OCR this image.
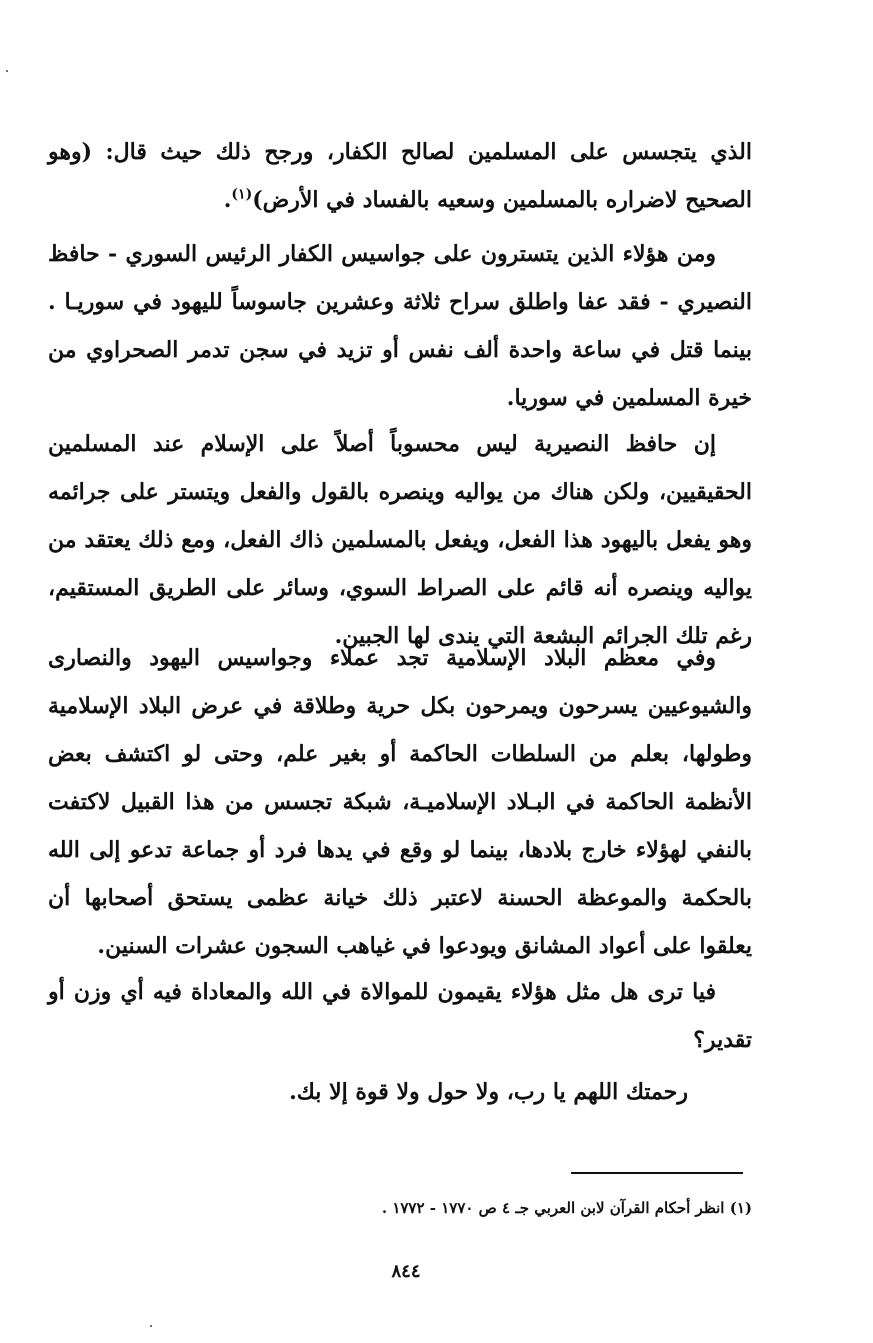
الذي يتجسس على المسلمين لصالح الكفار، ورجح ذلك حيث قال: (وهو الصحيح لاضراره بالمسلمين وسعيه بالفساد في الأرض)$^{(١)}$.

ومن هؤلاء الذين يتسترون على جواسيس الكفار الرئيس السوري - حافظ النصيري - فقد عفا واطلق سراح ثلاثة وعشرين جاسوساً لليهود في سوريـا . بينما قتل في ساعة واحدة ألف نفس أو تزيد في سجن تدمر الصحراوي من خيرة المسلمين في سوريا.

إن حافظ النصيرية ليس محسوباً أصلاً على الإسلام عند المسلمين الحقيقيين، ولكن هناك من يواليه وينصره بالقول والفعل ويتستر على جرائمه وهو يفعل باليهود هذا الفعل، ويفعل بالمسلمين ذاك الفعل، ومع ذلك يعتقد من يواليه وينصره أنه قائم على الصراط السوي، وسائر على الطريق المستقيم، رغم تلك الجرائم البشعة التي يندى لها الجبين.

وفي معظم البلاد الإسلامية تجد عملاء وجواسيس اليهود والنصارى والشيوعيين يسرحون ويمرحون بكل حرية وطلاقة في عرض البلاد الإسلامية وطولها، بعلم من السلطات الحاكمة أو بغير علم، وحتى لو اكتشف بعض الأنظمة الحاكمة في البـلاد الإسلاميـة، شبكة تجسس من هذا القبيل لاكتفت بالنفي لهؤلاء خارج بلادها، بينما لو وقع في يدها فرد أو جماعة تدعو إلى الله بالحكمة والموعظة الحسنة لاعتبر ذلك خيانة عظمى يستحق أصحابها أن يعلقوا على أعواد المشانق ويودعوا في غياهب السجون عشرات السنين.

فيا ترى هل مثل هؤلاء يقيمون للموالاة في الله والمعاداة فيه أي وزن أو تقدير؟

رحمتك اللهم يا رب، ولا حول ولا قوة إلا بك.

(١) انظر أحكام القرآن لابن العربي جـ ٤ ص ١٧٧٠ - ١٧٧٢ .

٨٤٤
